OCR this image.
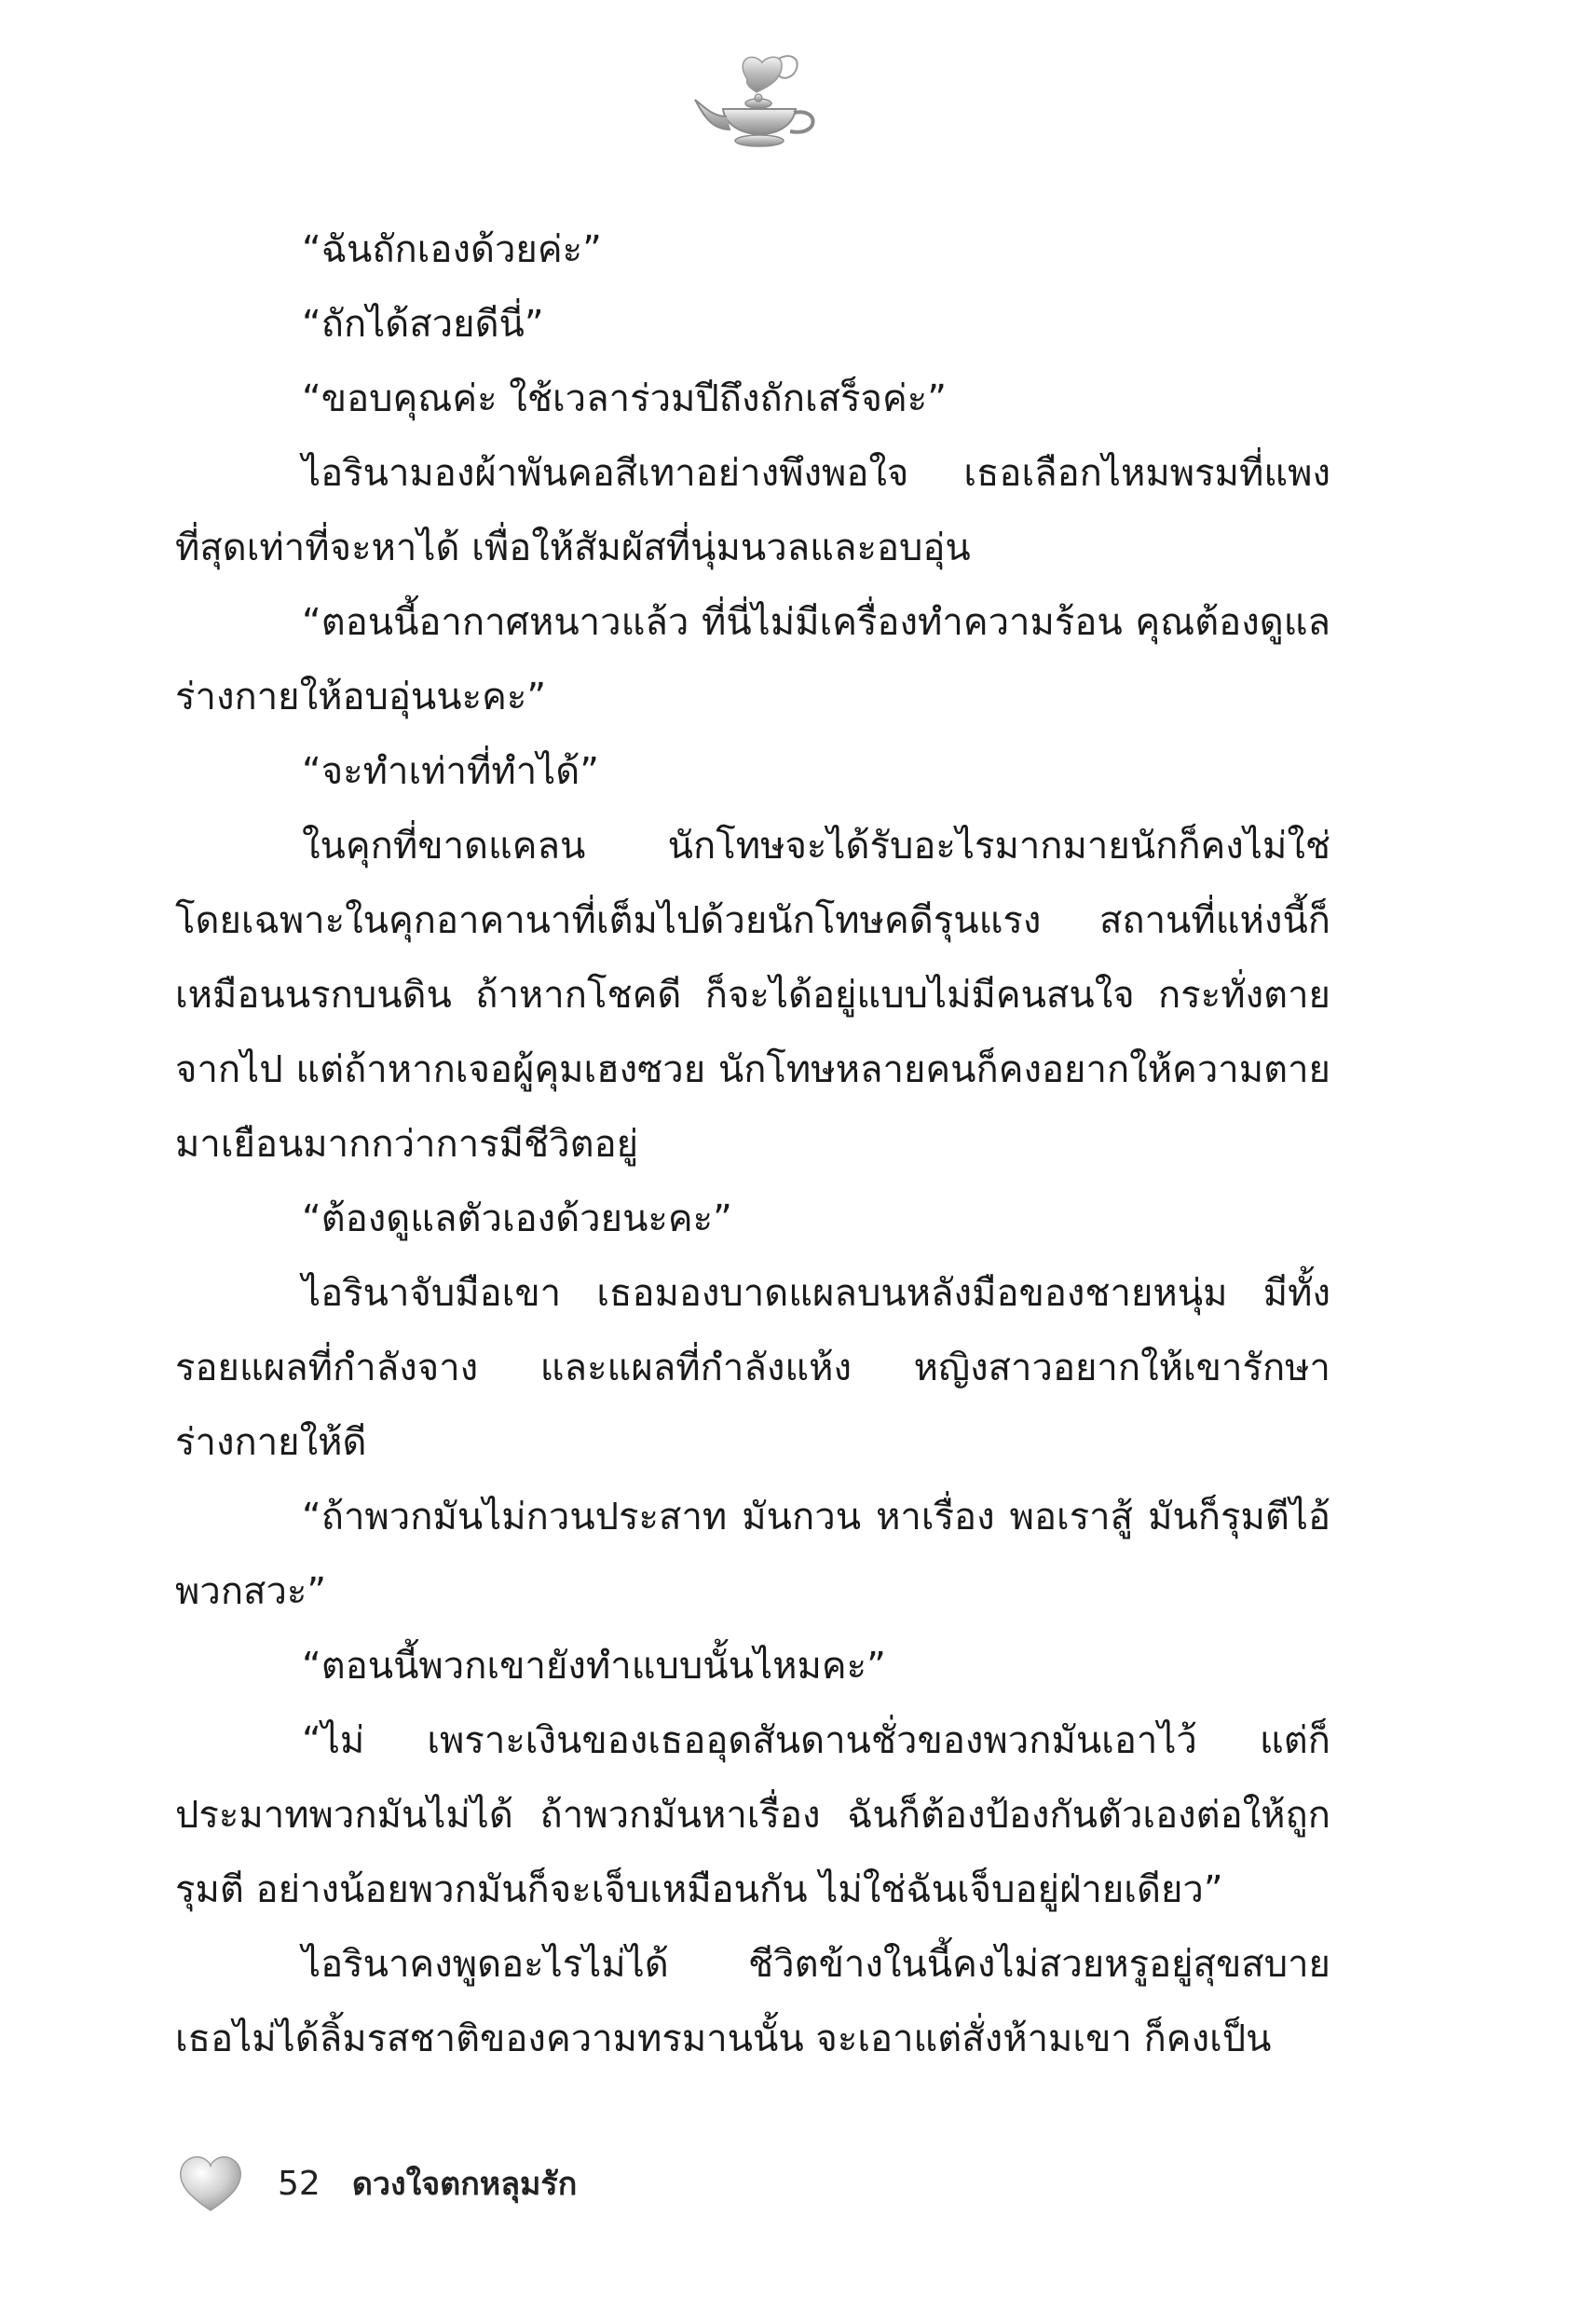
“ฉันถักเองด้วยค่ะ”

“ถักได้สวยดีนี่”

“ขอบคุณค่ะ ใช้เวลาร่วมปีถึงถักเสร็จค่ะ”

ไอรินามองผ้าพันคอสีเทาอย่างพึงพอใจ เธอเลือกไหมพรมที่แพงที่สุดเท่าที่จะหาได้ เพื่อให้สัมผัสที่นุ่มนวลและอบอุ่น

“ตอนนี้อากาศหนาวแล้ว ที่นี่ไม่มีเครื่องทำความร้อน คุณต้องดูแลร่างกายให้อบอุ่นนะคะ”

“จะทำเท่าที่ทำได้”

ในคุกที่ขาดแคลน นักโทษจะได้รับอะไรมากมายนักก็คงไม่ใช่ โดยเฉพาะในคุกอาคานาที่เต็มไปด้วยนักโทษคดีรุนแรง สถานที่แห่งนี้ก็เหมือนนรกบนดิน ถ้าหากโชคดี ก็จะได้อยู่แบบไม่มีคนสนใจ กระทั่งตายจากไป แต่ถ้าหากเจอผู้คุมเฮงซวย นักโทษหลายคนก็คงอยากให้ความตายมาเยือนมากกว่าการมีชีวิตอยู่

“ต้องดูแลตัวเองด้วยนะคะ”

ไอรินาจับมือเขา เธอมองบาดแผลบนหลังมือของชายหนุ่ม มีทั้งรอยแผลที่กำลังจาง และแผลที่กำลังแห้ง หญิงสาวอยากให้เขารักษาร่างกายให้ดี

“ถ้าพวกมันไม่กวนประสาท มันกวน หาเรื่อง พอเราสู้ มันก็รุมตีไอ้พวกสวะ”

“ตอนนี้พวกเขายังทำแบบนั้นไหมคะ”

“ไม่ เพราะเงินของเธออุดสันดานชั่วของพวกมันเอาไว้ แต่ก็ประมาทพวกมันไม่ได้ ถ้าพวกมันหาเรื่อง ฉันก็ต้องป้องกันตัวเองต่อให้ถูกรุมตี อย่างน้อยพวกมันก็จะเจ็บเหมือนกัน ไม่ใช่ฉันเจ็บอยู่ฝ่ายเดียว”

ไอรินาคงพูดอะไรไม่ได้ ชีวิตข้างในนี้คงไม่สวยหรูอยู่สุขสบาย เธอไม่ได้ลิ้มรสชาติของความทรมานนั้น จะเอาแต่สั่งห้ามเขา ก็คงเป็น

52 ดวงใจตกหลุมรัก
